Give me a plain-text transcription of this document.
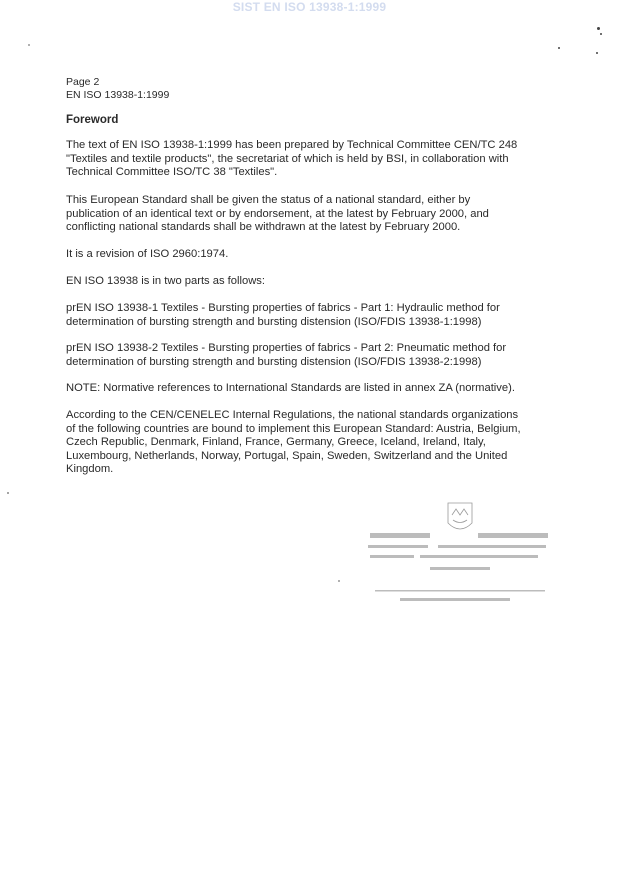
SIST EN ISO 13938-1:1999
Page 2
EN ISO 13938-1:1999
Foreword

The text of EN ISO 13938-1:1999 has been prepared by Technical Committee CEN/TC 248
"Textiles and textile products", the secretariat of which is held by BSI, in collaboration with
Technical Committee ISO/TC 38 "Textiles".

This European Standard shall be given the status of a national standard, either by
publication of an identical text or by endorsement, at the latest by February 2000, and
conflicting national standards shall be withdrawn at the latest by February 2000.

It is a revision of ISO 2960:1974.

EN ISO 13938 is in two parts as follows:

prEN ISO 13938-1 Textiles - Bursting properties of fabrics - Part 1: Hydraulic method for
determination of bursting strength and bursting distension (ISO/FDIS 13938-1:1998)

prEN ISO 13938-2 Textiles - Bursting properties of fabrics - Part 2: Pneumatic method for
determination of bursting strength and bursting distension (ISO/FDIS 13938-2:1998)

NOTE: Normative references to International Standards are listed in annex ZA (normative).

According to the CEN/CENELEC Internal Regulations, the national standards organizations
of the following countries are bound to implement this European Standard: Austria, Belgium,
Czech Republic, Denmark, Finland, France, Germany, Greece, Iceland, Ireland, Italy,
Luxembourg, Netherlands, Norway, Portugal, Spain, Sweden, Switzerland and the United
Kingdom.
